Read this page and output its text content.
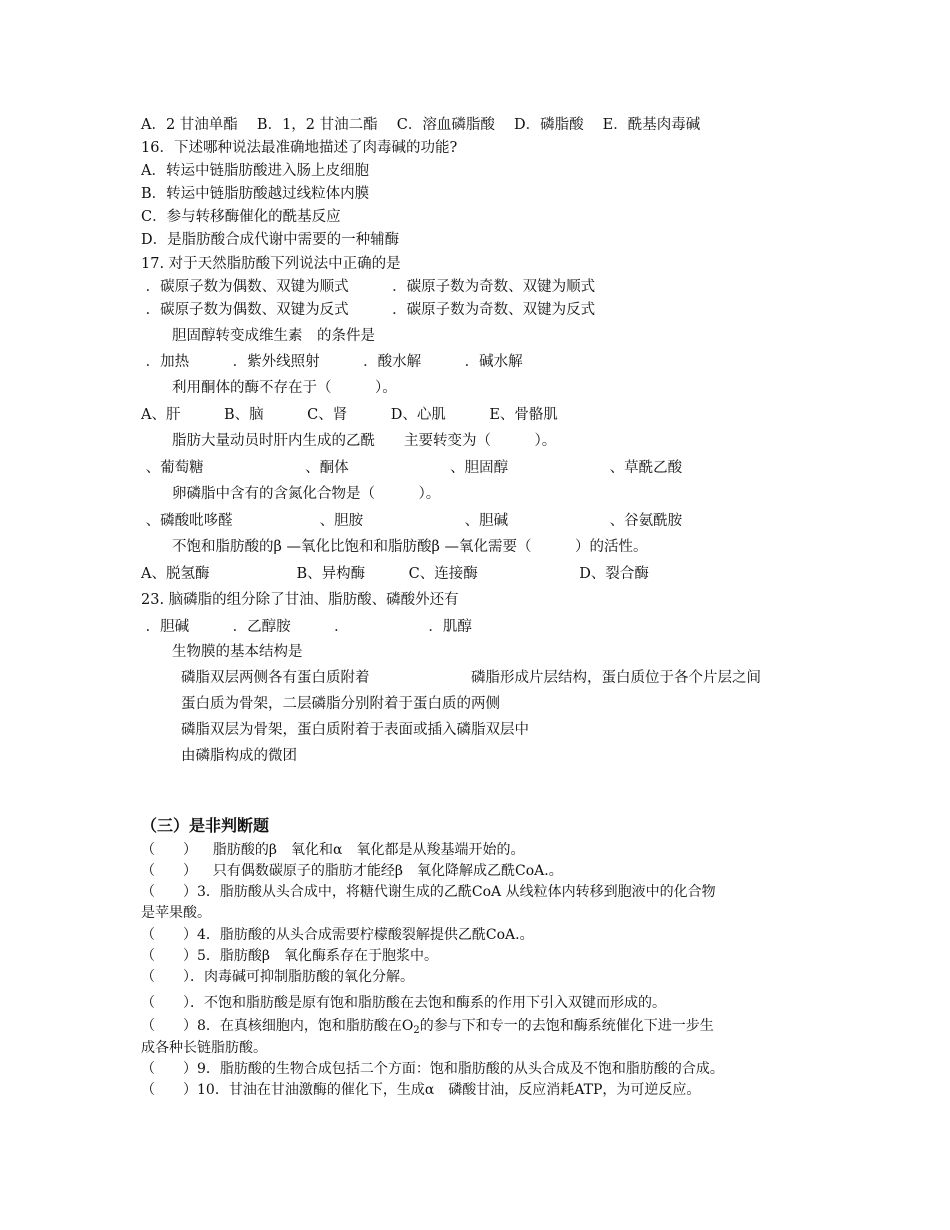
A．2 甘油单酯　 B．1，2 甘油二酯　 C．溶血磷脂酸　 D．磷脂酸　 E．酰基肉毒碱
16．下述哪种说法最准确地描述了肉毒碱的功能?
A．转运中链脂肪酸进入肠上皮细胞
B．转运中链脂肪酸越过线粒体内膜
C．参与转移酶催化的酰基反应
D．是脂肪酸合成代谢中需要的一种辅酶
17. 对于天然脂肪酸下列说法中正确的是
．碳原子数为偶数、双键为顺式　　　．碳原子数为奇数、双键为顺式
．碳原子数为偶数、双键为反式　　　．碳原子数为奇数、双键为反式
胆固醇转变成维生素　的条件是
．加热　　　．紫外线照射　　　．酸水解　　　．碱水解
利用酮体的酶不存在于（　　　）。
A、肝　　　B、脑　　　C、肾　　　D、心肌　　　E、骨骼肌
脂肪大量动员时肝内生成的乙酰　　主要转变为（　　　）。
、葡萄糖　　　　　　　、酮体　　　　　　　、胆固醇　　　　　　　、草酰乙酸
卵磷脂中含有的含氮化合物是（　　　）。
、磷酸吡哆醛　　　　　　、胆胺　　　　　　　、胆碱　　　　　　　、谷氨酰胺
不饱和脂肪酸的β —氧化比饱和和脂肪酸β —氧化需要（　　　）的活性。
A、脱氢酶　　　　　　B、异构酶　　　C、连接酶　　　　　　　D、裂合酶
23. 脑磷脂的组分除了甘油、脂肪酸、磷酸外还有
．胆碱　　　．乙醇胺　　　．　　　　　　．肌醇
生物膜的基本结构是
磷脂双层两侧各有蛋白质附着　　　　　　　磷脂形成片层结构，蛋白质位于各个片层之间
蛋白质为骨架，二层磷脂分别附着于蛋白质的两侧
磷脂双层为骨架，蛋白质附着于表面或插入磷脂双层中
由磷脂构成的微团
（三）是非判断题
（　　）　  脂肪酸的β　氧化和α　氧化都是从羧基端开始的。
（　　）　  只有偶数碳原子的脂肪才能经β　氧化降解成乙酰CoA.。
（　　）3．脂肪酸从头合成中，将糖代谢生成的乙酰CoA 从线粒体内转移到胞液中的化合物
是苹果酸。
（　　）4．脂肪酸的从头合成需要柠檬酸裂解提供乙酰CoA.。
（　　）5．脂肪酸β　氧化酶系存在于胞浆中。
（　　）．肉毒碱可抑制脂肪酸的氧化分解。
（　　）．不饱和脂肪酸是原有饱和脂肪酸在去饱和酶系的作用下引入双键而形成的。
（　　）8．在真核细胞内，饱和脂肪酸在$O_2$的参与下和专一的去饱和酶系统催化下进一步生
成各种长链脂肪酸。
（　　）9．脂肪酸的生物合成包括二个方面：饱和脂肪酸的从头合成及不饱和脂肪酸的合成。
（　　）10．甘油在甘油激酶的催化下，生成α　磷酸甘油，反应消耗ATP，为可逆反应。
